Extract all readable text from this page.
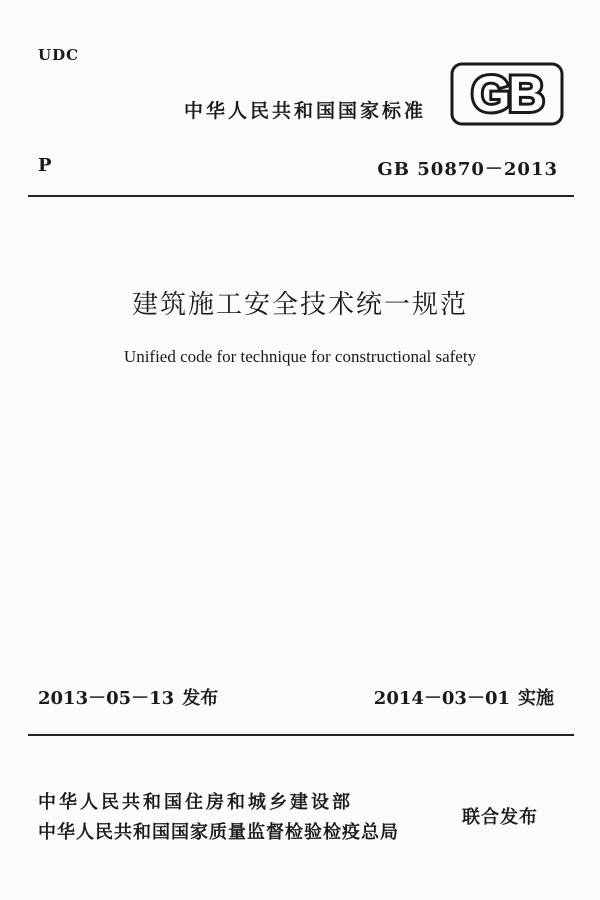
UDC
中华人民共和国国家标准 GB
P	GB 50870－2013
建筑施工安全技术统一规范
Unified code for technique for constructional safety
2013－05－13 发布	2014－03－01 实施
中华人民共和国住房和城乡建设部
中华人民共和国国家质量监督检验检疫总局
联合发布
